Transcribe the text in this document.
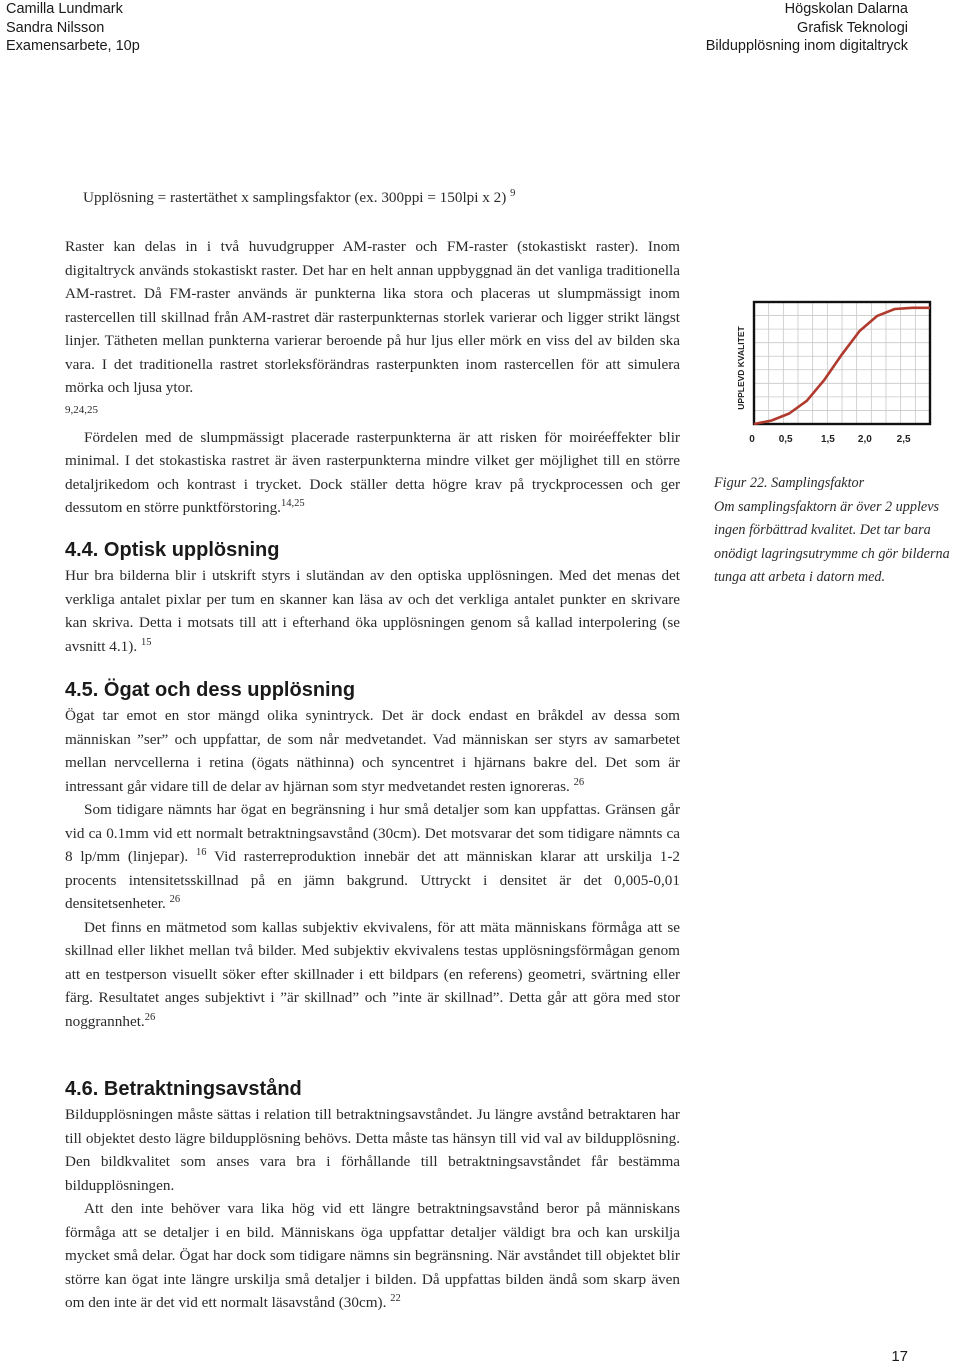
Camilla Lundmark
Sandra Nilsson
Examensarbete, 10p
Högskolan Dalarna
Grafisk Teknologi
Bildupplösning inom digitaltryck
Upplösning = rastertäthet x samplingsfaktor (ex. 300ppi = 150lpi x 2) $^9$

Raster kan delas in i två huvudgrupper AM-raster och FM-raster (stokastiskt raster). Inom digitaltryck används stokastiskt raster. Det har en helt annan uppbyggnad än det vanliga traditionella AM-rastret. Då FM-raster används är punkterna lika stora och placeras ut slumpmässigt inom rastercellen till skillnad från AM-rastret där rasterpunkternas storlek varierar och ligger strikt längst linjer. Tätheten mellan punkterna varierar beroende på hur ljus eller mörk en viss del av bilden ska vara. I det traditionella rastret storleksförändras rasterpunkten inom rastercellen för att simulera mörka och ljusa ytor.

9,24,25

Fördelen med de slumpmässigt placerade rasterpunkterna är att risken för moiréeffekter blir minimal. I det stokastiska rastret är även rasterpunkterna mindre vilket ger möjlighet till en större detaljrikedom och kontrast i trycket. Dock ställer detta högre krav på tryckprocessen och ger dessutom en större punktförstoring.$^{14,25}$

4.4. Optisk upplösning

Hur bra bilderna blir i utskrift styrs i slutändan av den optiska upplösningen. Med det menas det verkliga antalet pixlar per tum en skanner kan läsa av och det verkliga antalet punkter en skrivare kan skriva. Detta i motsats till att i efterhand öka upplösningen genom så kallad interpolering (se avsnitt 4.1). $^{15}$

4.5. Ögat och dess upplösning

Ögat tar emot en stor mängd olika synintryck. Det är dock endast en bråkdel av dessa som människan ”ser” och uppfattar, de som når medvetandet. Vad människan ser styrs av samarbetet mellan nervcellerna i retina (ögats näthinna) och syncentret i hjärnans bakre del. Det som är intressant går vidare till de delar av hjärnan som styr medvetandet resten ignoreras. $^{26}$

Som tidigare nämnts har ögat en begränsning i hur små detaljer som kan uppfattas. Gränsen går vid ca 0.1mm vid ett normalt betraktningsavstånd (30cm). Det motsvarar det som tidigare nämnts ca 8 lp/mm (linjepar). $^{16}$ Vid rasterreproduktion innebär det att människan klarar att urskilja 1-2 procents intensitetsskillnad på en jämn bakgrund. Uttryckt i densitet är det 0,005-0,01 densitetsenheter. $^{26}$

Det finns en mätmetod som kallas subjektiv ekvivalens, för att mäta människans förmåga att se skillnad eller likhet mellan två bilder. Med subjektiv ekvivalens testas upplösningsförmågan genom att en testperson visuellt söker efter skillnader i ett bildpars (en referens) geometri, svärtning eller färg. Resultatet anges subjektivt i ”är skillnad” och ”inte är skillnad”. Detta går att göra med stor noggrannhet.$^{26}$

4.6. Betraktningsavstånd

Bildupplösningen måste sättas i relation till betraktningsavståndet. Ju längre avstånd betraktaren har till objektet desto lägre bildupplösning behövs. Detta måste tas hänsyn till vid val av bildupplösning. Den bildkvalitet som anses vara bra i förhållande till betraktningsavståndet får bestämma bildupplösningen.

Att den inte behöver vara lika hög vid ett längre betraktningsavstånd beror på människans förmåga att se detaljer i en bild. Människans öga uppfattar detaljer väldigt bra och kan urskilja mycket små delar. Ögat har dock som tidigare nämns sin begränsning. När avståndet till objektet blir större kan ögat inte längre urskilja små detaljer i bilden. Då uppfattas bilden ändå som skarp även om den inte är det vid ett normalt läsavstånd (30cm). $^{22}$

UPPLEVD KVALITET
0 0,5	1,5 2,0 2,5
Figur 22. Samplingsfaktor
Om samplingsfaktorn är över 2 upplevs
ingen förbättrad kvalitet. Det tar bara
onödigt lagringsutrymme ch gör bilderna
tunga att arbeta i datorn med.
17
